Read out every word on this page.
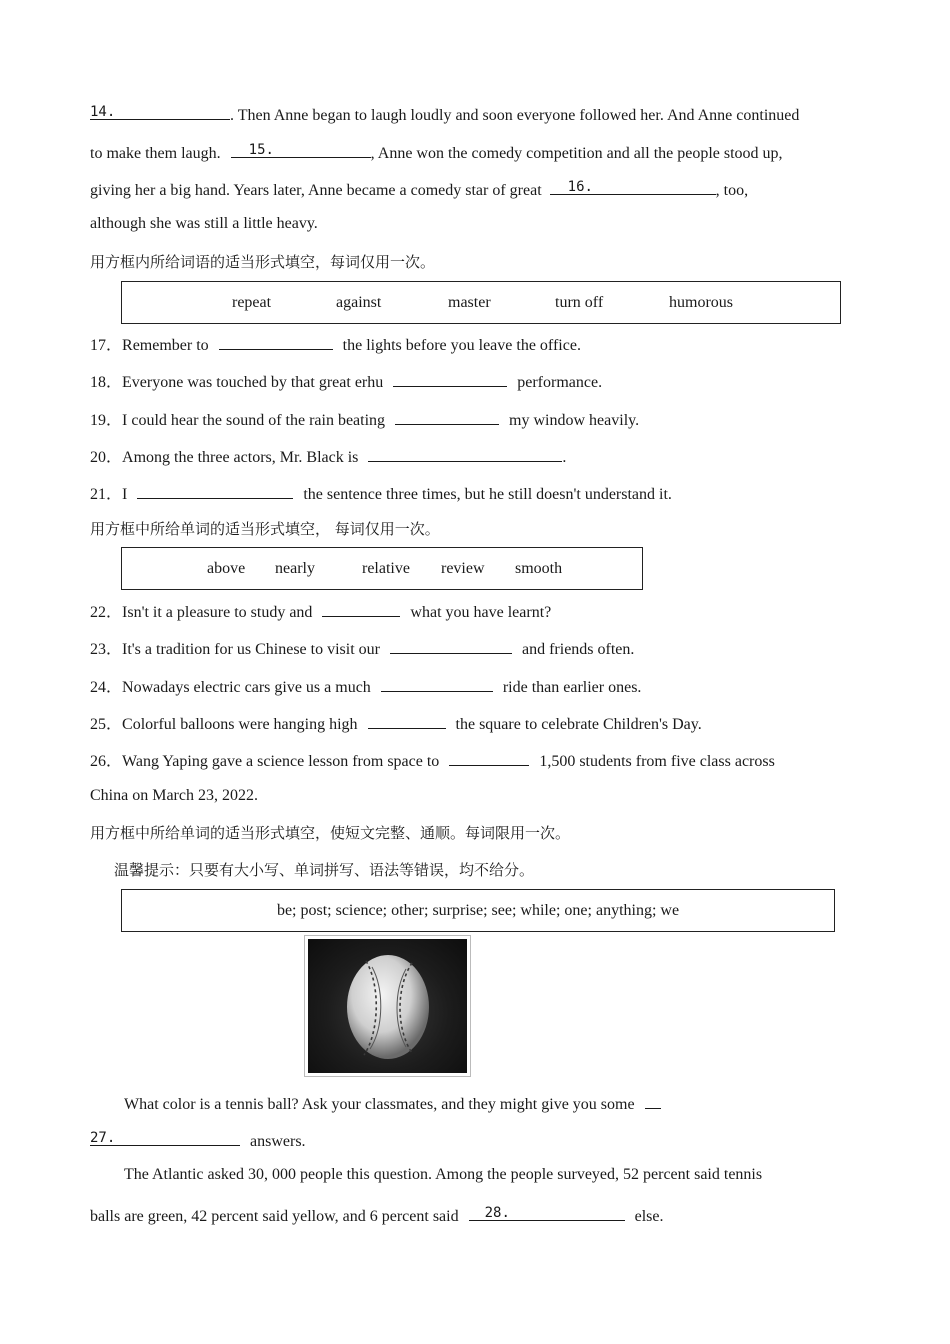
14.	. Then Anne began to laugh loudly and soon everyone followed her. And Anne continued
to make them laugh. 15.	, Anne won the comedy competition and all the people stood up,
giving her a big hand. Years later, Anne became a comedy star of great 16.	, too,
although she was still a little heavy.
用方框内所给词语的适当形式填空，每词仅用一次。
repeat	against	master	turn off	humorous
17．Remember to	the lights before you leave the office.
18．Everyone was touched by that great erhu	performance.
19．I could hear the sound of the rain beating	my window heavily.
20．Among the three actors, Mr. Black is	.
21．I	the sentence three times, but he still doesn't understand it.
用方框中所给单词的适当形式填空， 每词仅用一次。
above nearly	relative review smooth
22．Isn't it a pleasure to study and	what you have learnt?
23．It's a tradition for us Chinese to visit our	and friends often.
24．Nowadays electric cars give us a much	ride than earlier ones.
25．Colorful balloons were hanging high	the square to celebrate Children's Day.
26．Wang Yaping gave a science lesson from space to	1,500 students from five class across
China on March 23, 2022.
用方框中所给单词的适当形式填空，使短文完整、通顺。每词限用一次。
温馨提示：只要有大小写、单词拼写、语法等错误，均不给分。
be; post; science; other; surprise; see; while; one; anything; we
What color is a tennis ball? Ask your classmates, and they might give you some
27.	answers.
The Atlantic asked 30, 000 people this question. Among the people surveyed, 52 percent said tennis
balls are green, 42 percent said yellow, and 6 percent said 28.	else.
